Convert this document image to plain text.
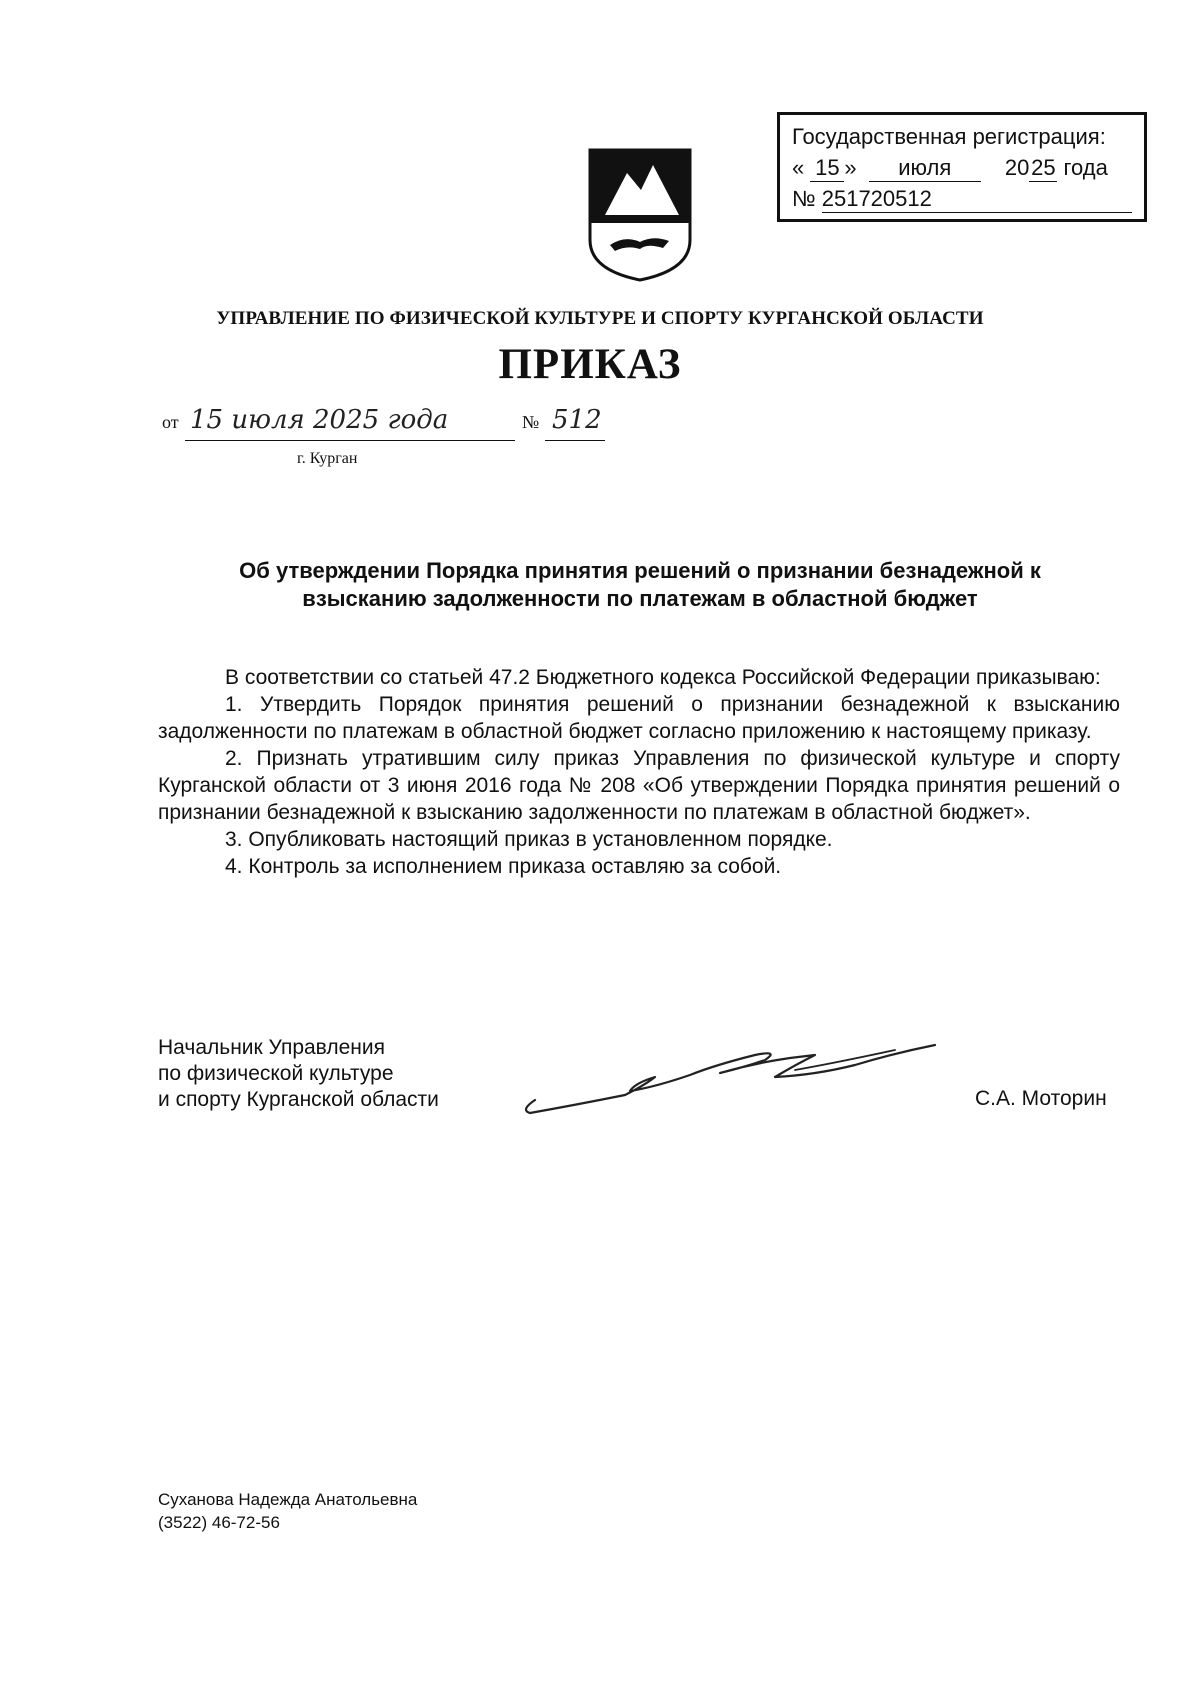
Государственная регистрация:
« 15 » июля 2025 года
№ 251720512
УПРАВЛЕНИЕ ПО ФИЗИЧЕСКОЙ КУЛЬТУРЕ И СПОРТУ КУРГАНСКОЙ ОБЛАСТИ
ПРИКАЗ
от 15 июля 2025 года	№ 512
г. Курган
Об утверждении Порядка принятия решений о признании безнадежной к
взысканию задолженности по платежам в областной бюджет

В соответствии со статьей 47.2 Бюджетного кодекса Российской Федерации приказываю:

1. Утвердить Порядок принятия решений о признании безнадежной к взысканию задолженности по платежам в областной бюджет согласно приложению к настоящему приказу.

2. Признать утратившим силу приказ Управления по физической культуре и спорту Курганской области от 3 июня 2016 года № 208 «Об утверждении Порядка принятия решений о признании безнадежной к взысканию задолженности по платежам в областной бюджет».

3. Опубликовать настоящий приказ в установленном порядке.

4. Контроль за исполнением приказа оставляю за собой.

Начальник Управления
по физической культуре
и спорту Курганской области	С.А. Моторин
Суханова Надежда Анатольевна
(3522) 46-72-56
